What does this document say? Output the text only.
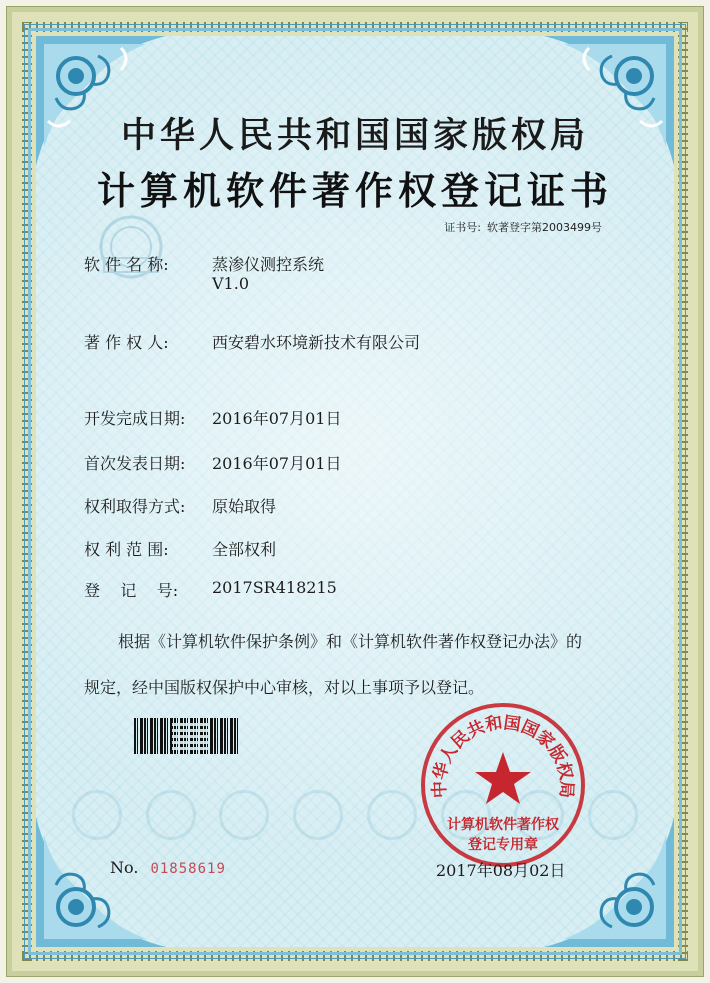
中华人民共和国国家版权局
计算机软件著作权登记证书
证书号: 软著登字第2003499号
软 件 名 称:	蒸渗仪测控系统
V1.0
著 作 权 人:	西安碧水环境新技术有限公司
开发完成日期:	2016年07月01日
首次发表日期:	2016年07月01日
权利取得方式:	原始取得
权 利 范 围:	全部权利
登    记    号:	2017SR418215

根据《计算机软件保护条例》和《计算机软件著作权登记办法》的

规定，经中国版权保护中心审核，对以上事项予以登记。

No. 01858619
中华人民共和国国家版权局
计算机软件著作权
登记专用章
2017年08月02日
